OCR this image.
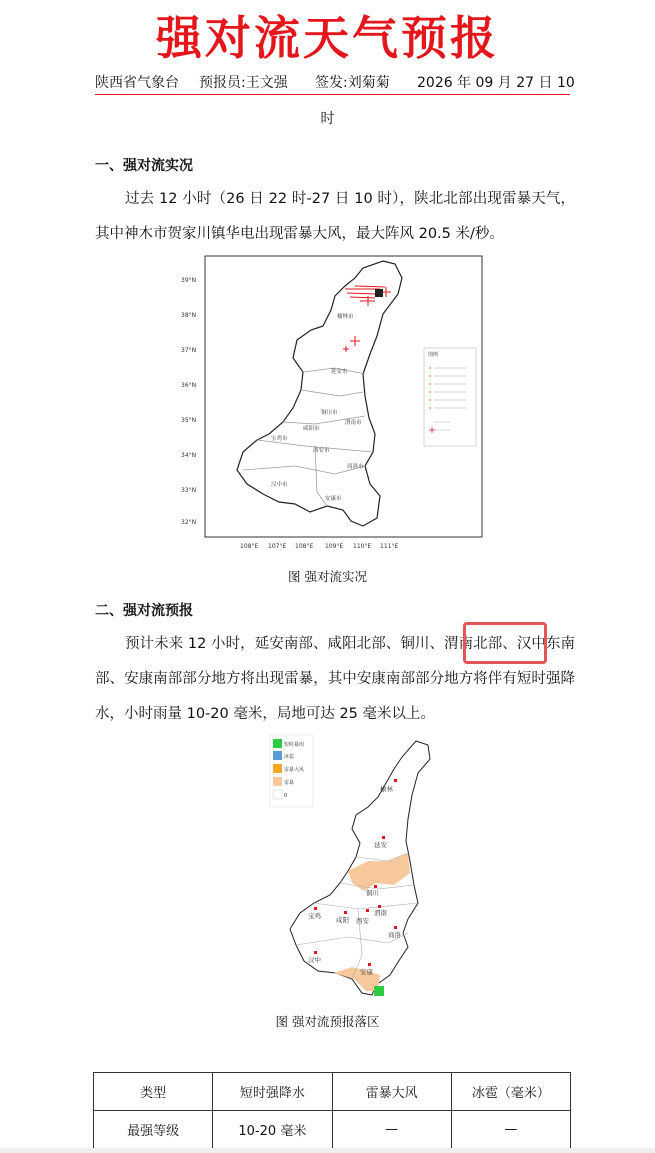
强对流天气预报
陕西省气象台 预报员:王文强 签发:刘菊菊 2026 年 09 月 27 日 10
时
一、强对流实况
过去 12 小时（26 日 22 时-27 日 10 时），陕北北部出现雷暴天气，其中神木市贺家川镇华电出现雷暴大风，最大阵风 20.5 米/秒。
39°N
38°N
37°N
36°N
35°N
34°N
33°N
32°N
108°E 107°E 108°E 109°E 110°E 111°E
榆林市
延安市
铜川市
渭南市
咸阳市
宝鸡市
西安市
汉中市
商洛市
安康市
图例
图 强对流实况
二、强对流预报
预计未来 12 小时，延安南部、咸阳北部、铜川、渭南北部、汉中东南部、安康南部部分地方将出现雷暴，其中安康南部部分地方将伴有短时强降水，小时雨量 10-20 毫米，局地可达 25 毫米以上。
短时暴雨
冰雹
雷暴大风
雷暴
0
榆林
延安
铜川
宝鸡 咸阳
渭南
西安
商洛
汉中
安康
图 强对流预报落区
类型	短时强降水	雷暴大风	冰雹（毫米）
最强等级	10-20 毫米	—	—
